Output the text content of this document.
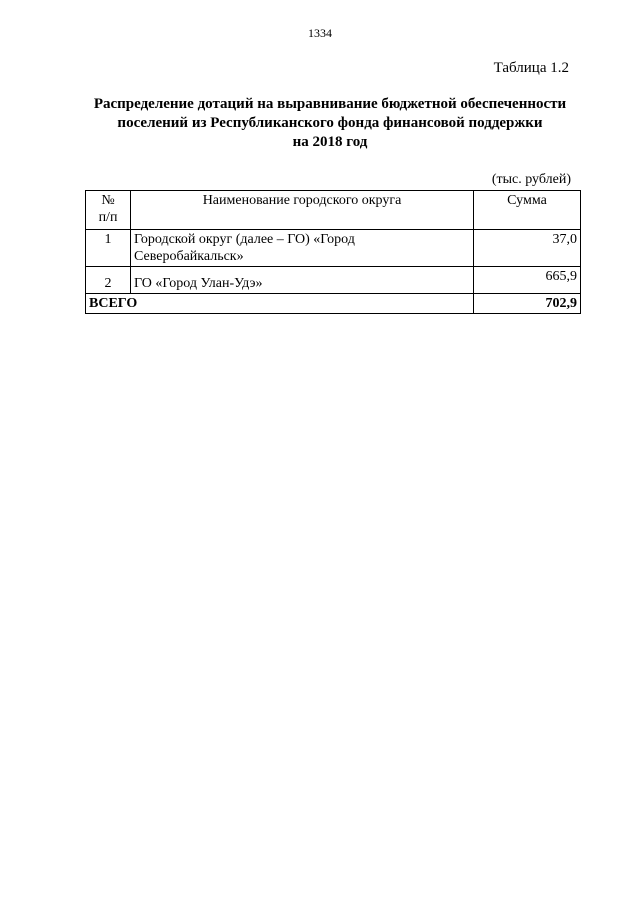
1334
Таблица 1.2
Распределение дотаций на выравнивание бюджетной обеспеченности
поселений из Республиканского фонда финансовой поддержки
на 2018 год
(тыс. рублей)
№
п/п	Наименование городского округа	Сумма
1	Городской округ (далее – ГО) «Город
Северобайкальск»	37,0
2	ГО «Город Улан-Удэ»	665,9
ВСЕГО		702,9
